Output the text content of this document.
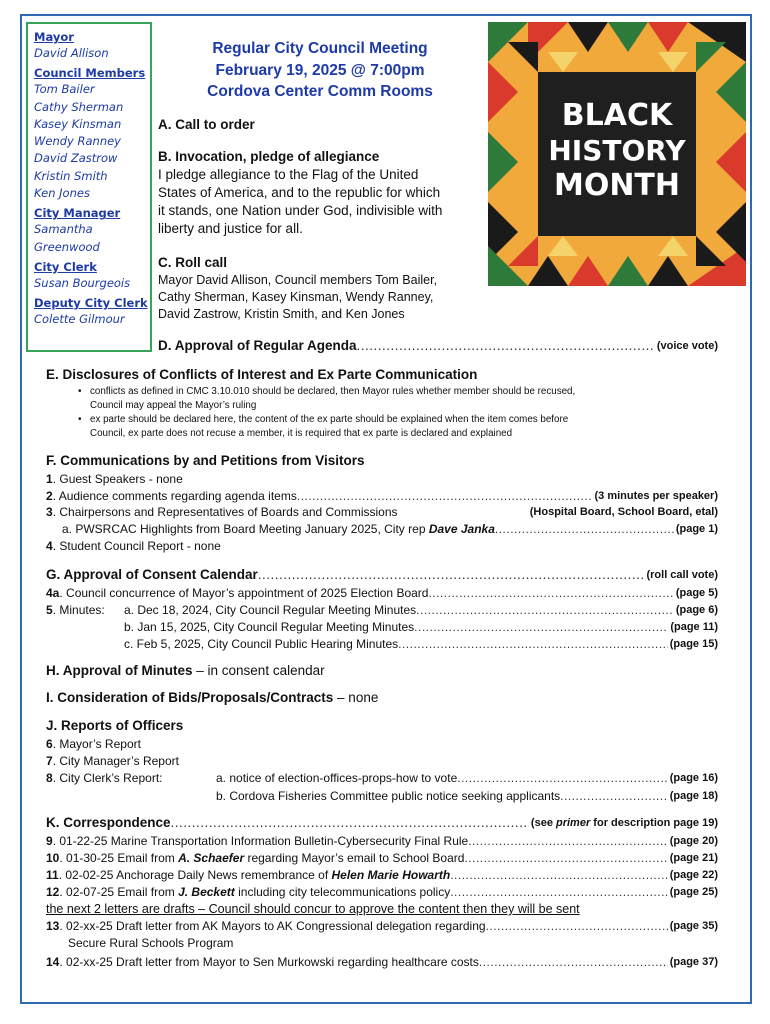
Mayor
David Allison
Council Members
Tom Bailer
Cathy Sherman
Kasey Kinsman
Wendy Ranney
David Zastrow
Kristin Smith
Ken Jones
City Manager
Samantha
Greenwood
City Clerk
Susan Bourgeois
Deputy City Clerk
Colette Gilmour
Regular City Council Meeting
February 19, 2025 @ 7:00pm
Cordova Center Comm Rooms
BLACK
HISTORY
MONTH
A. Call to order
B. Invocation, pledge of allegiance
I pledge allegiance to the Flag of the United
States of America, and to the republic for which
it stands, one Nation under God, indivisible with
liberty and justice for all.
C. Roll call
Mayor David Allison, Council members Tom Bailer,
Cathy Sherman, Kasey Kinsman, Wendy Ranney,
David Zastrow, Kristin Smith, and Ken Jones
D. Approval of Regular Agenda .....	(voice vote)
E. Disclosures of Conflicts of Interest and Ex Parte Communication
• conflicts as defined in CMC 3.10.010 should be declared, then Mayor rules whether member should be recused,
Council may appeal the Mayor’s ruling
• ex parte should be declared here, the content of the ex parte should be explained when the item comes before
Council, ex parte does not recuse a member, it is required that ex parte is declared and explained
F. Communications by and Petitions from Visitors
1. Guest Speakers - none
2. Audience comments regarding agenda items .....	(3 minutes per speaker)
3. Chairpersons and Representatives of Boards and Commissions	(Hospital Board, School Board, etal)
a. PWSRCAC Highlights from Board Meeting January 2025, City rep Dave Janka .....	(page 1)
4. Student Council Report - none
G. Approval of Consent Calendar .....	(roll call vote)
4a. Council concurrence of Mayor’s appointment of 2025 Election Board .....	(page 5)
5. Minutes:	a. Dec 18, 2024, City Council Regular Meeting Minutes .....	(page 6)
b. Jan 15, 2025, City Council Regular Meeting Minutes .....	(page 11)
c. Feb 5, 2025, City Council Public Hearing Minutes .....	(page 15)
H. Approval of Minutes – in consent calendar
I. Consideration of Bids/Proposals/Contracts – none
J. Reports of Officers
6. Mayor’s Report
7. City Manager’s Report
8. City Clerk’s Report:	a. notice of election-offices-props-how to vote .....	(page 16)
b. Cordova Fisheries Committee public notice seeking applicants .....	(page 18)
K. Correspondence .....	(see primer for description page 19)
9. 01-22-25 Marine Transportation Information Bulletin-Cybersecurity Final Rule .....	(page 20)
10. 01-30-25 Email from A. Schaefer regarding Mayor’s email to School Board .....	(page 21)
11. 02-02-25 Anchorage Daily News remembrance of Helen Marie Howarth .....	(page 22)
12. 02-07-25 Email from J. Beckett including city telecommunications policy .....	(page 25)
the next 2 letters are drafts – Council should concur to approve the content then they will be sent
13. 02-xx-25 Draft letter from AK Mayors to AK Congressional delegation regarding .....	(page 35)
Secure Rural Schools Program
14. 02-xx-25 Draft letter from Mayor to Sen Murkowski regarding healthcare costs .....	(page 37)
